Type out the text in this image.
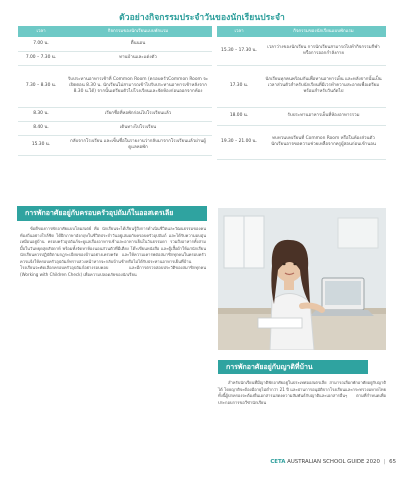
ตัวอย่างกิจกรรมประจำวันของนักเรียนประจำ
เวลา	กิจกรรมของนักเรียนแบบพักแรม
7.00 น.	ตื่นนอน
7.00 – 7.30 น.	ทานบ้านและแต่งตัว
7.30 – 8.30 น.	รับประทานอาหารเช้าที่ Common Room (ครอบครัวCommon Room จะเปิดตอน 8.30 น. นักเรียนไม่สามารถเข้าไปรับประทานอาหารเช้าหลังจาก 8.30 น.ได้) จากนั้นเตรียมตัวไปโรงเรียนและจัดห้องก่อนออกจากห้อง
8.30 น.	เรียกชื่อที่หอพักก่อนไปโรงเรียนแล้ว
8.40 น.	เดินทางไปโรงเรียน
15.30 น.	กลับจากโรงเรียน และเซ็นชื่อในรายงานว่ากลับมาจากโรงเรียนแล้วผ่านผู้ดูแลหอพัก
เวลา	กิจกรรมของนักเรียนแบบพักแรม
15.30 – 17.30 น.	เวลาว่างของนักเรียน การนักเรียนสามารถไปทำกิจกรรมกีฬาหรือการออกกำลังกาย
17.30 น.	นักเรียนทุกคนพร้อมกันเพื่อทานอาหารเย็น และหลังจากนั้นเป็นเวลาส่วนตัวสำหรับนักเรียนที่มีเวรทำความสะอาดเพื่อเตรียมพร้อมสำหรับวันถัดไป
18.00 น.	รับประทานอาหารเย็นที่ห้องอาหารรวม
19.30 – 21.00 น.	ทบทวนบทเรียนที่ Common Room หรือในห้องส่วนตัว นักเรียนอาจขอความช่วยเหลือจากครูผู้สอนก่อนเข้านอน
การพักอาศัยอยู่กับครอบครัวอุปถัมภ์ในออสเตรเลีย

ข้อดีของการพักอาศัยแบบโฮมสเตย์ คือ นักเรียนจะได้เรียนรู้ถึงการดำเนินชีวิตและวัฒนธรรมของคนท้องถิ่นอย่างใกล้ชิด ได้ฝึกภาษาอังกฤษในชีวิตประจำวันอยู่เสมอกับครอบครัวอุปถัมภ์ และได้รับความอบอุ่นเหมือนอยู่บ้าน ครอบครัวอุปถัมภ์จะดูแลเรื่องอาหารเช้าและอาหารเย็นในวันธรรมดา รวมถึงอาหารทั้งสามมื้อในวันหยุดสุดสัปดาห์ พร้อมทั้งจัดหาห้องนอนส่วนตัวที่มีเตียง โต๊ะเขียนหนังสือ และตู้เสื้อผ้าให้แก่นักเรียน นักเรียนควรปฏิบัติตามกฎระเบียบของบ้านอย่างเคร่งครัด และให้ความเคารพต่อสมาชิกทุกคนในครอบครัว ควรแจ้งให้ครอบครัวอุปถัมภ์ทราบล่วงหน้าหากจะกลับบ้านช้าหรือไม่ได้รับประทานอาหารเย็นที่บ้าน โรงเรียนจะคัดเลือกครอบครัวอุปถัมภ์อย่างรอบคอบ และมีการตรวจสอบประวัติของสมาชิกทุกคน (Working with Children Check) เพื่อความปลอดภัยของนักเรียน

การพักอาศัยอยู่กับญาติที่บ้าน

สำหรับนักเรียนที่มีญาติพักอาศัยอยู่ในประเทศออสเตรเลีย สามารถเลือกพักอาศัยอยู่กับญาติได้ โดยญาติจะต้องมีอายุไม่ต่ำกว่า 21 ปี และผ่านการอนุมัติจากโรงเรียนและกระทรวงมหาดไทย ทั้งนี้ผู้ปกครองจะต้องยื่นเอกสารแสดงความสัมพันธ์กับญาติและเอกสารอื่นๆ ตามที่กำหนดเพื่อประกอบการขอวีซ่านักเรียน

CETA AUSTRALIAN SCHOOL GUIDE 2020 | 65
